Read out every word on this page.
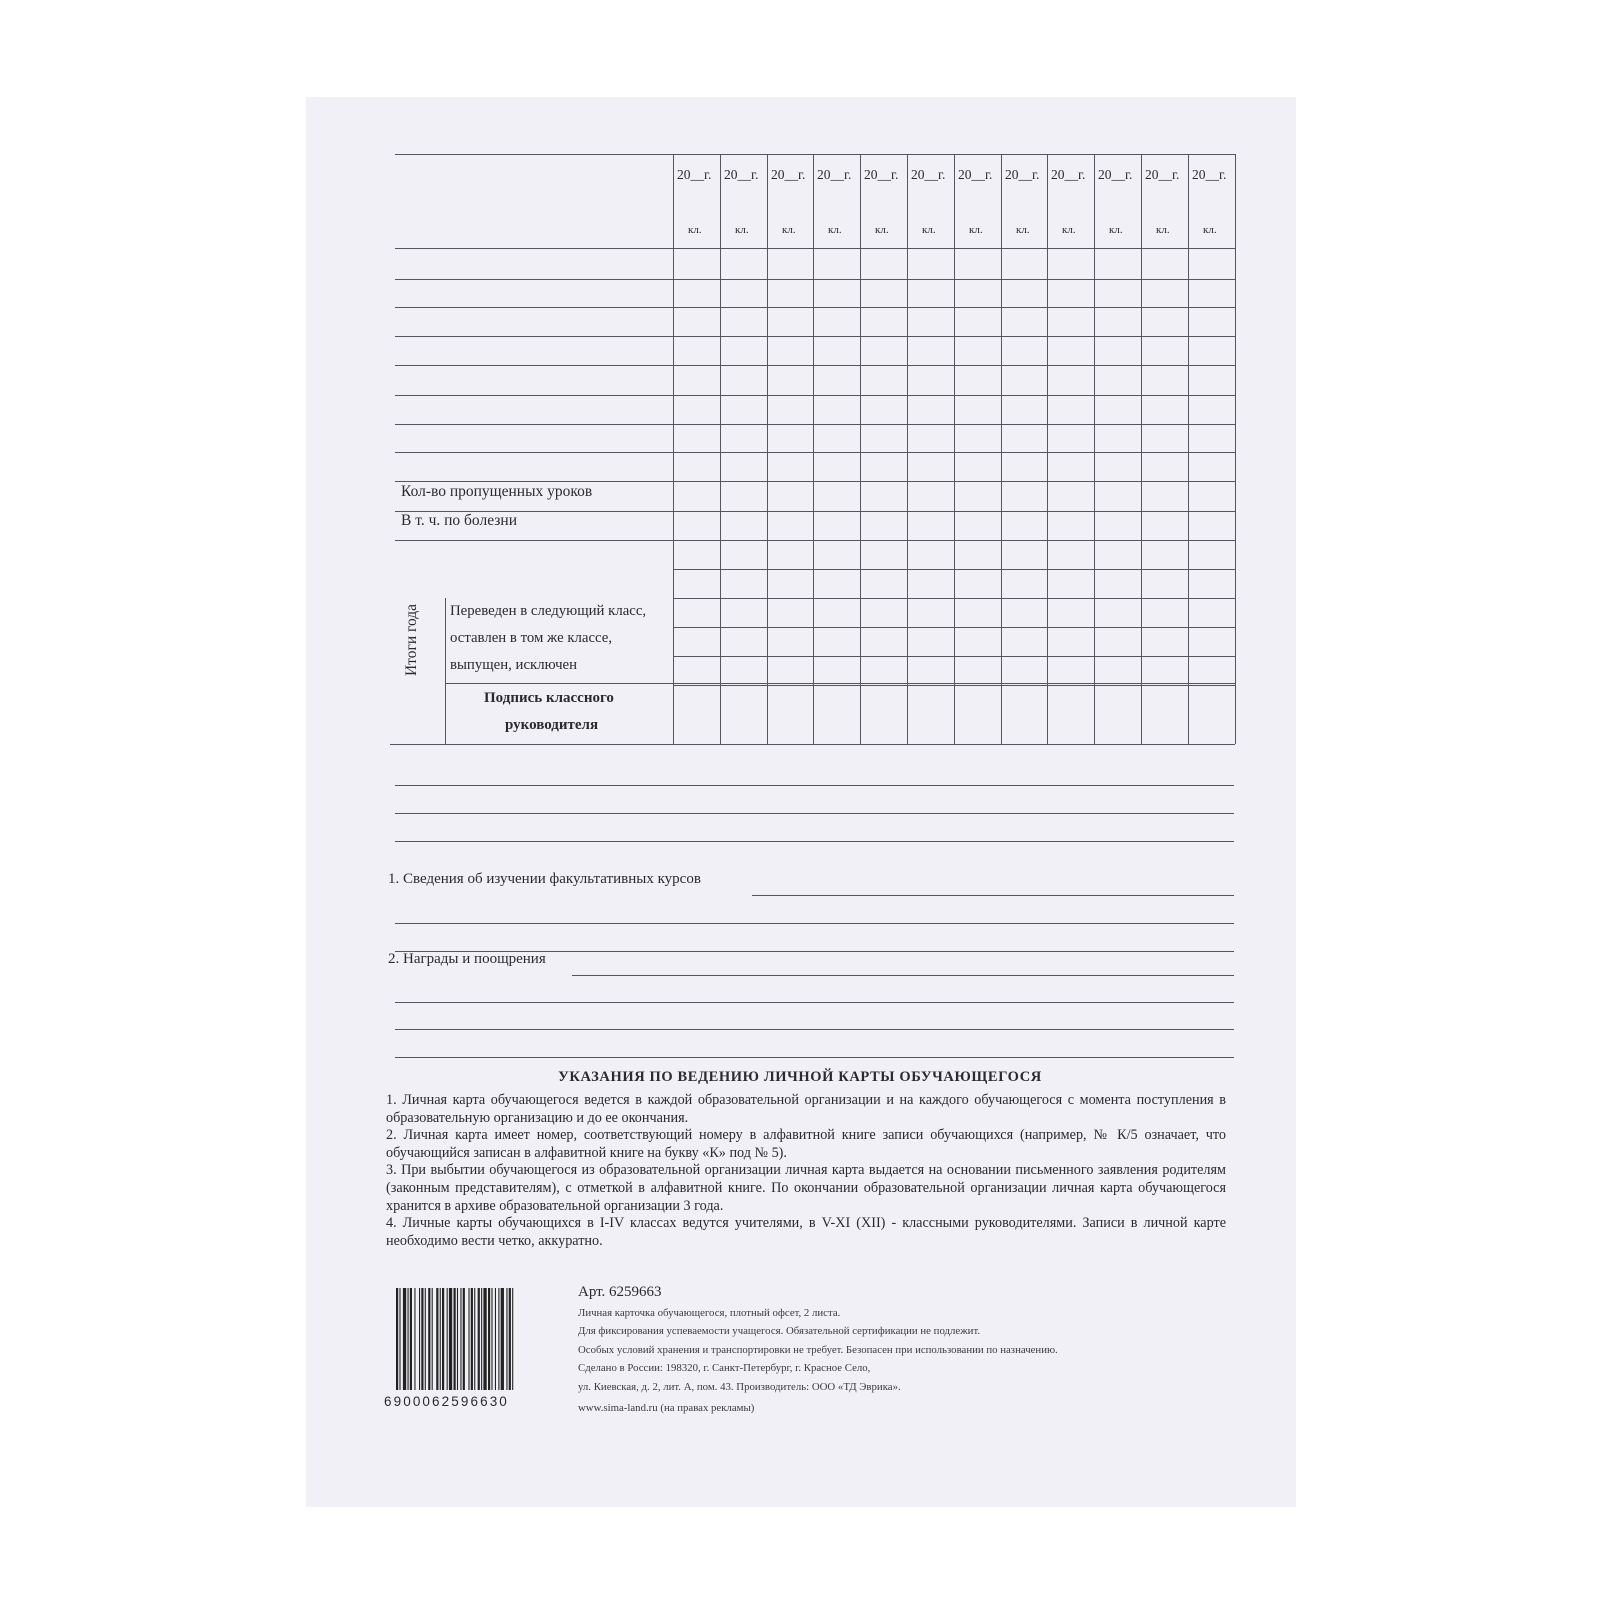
20__г.
кл.
20__г.
кл.
20__г.
кл.
20__г.
кл.
20__г.
кл.
20__г.
кл.
20__г.
кл.
20__г.
кл.
20__г.
кл.
20__г.
кл.
20__г.
кл.
20__г.
кл.
Кол-во пропущенных уроков
В т. ч. по болезни
Итоги года Переведен в следующий класс,
оставлен в том же классе,
выпущен, исключен
Подпись классного
руководителя
1. Сведения об изучении факультативных курсов
2. Награды и поощрения
УКАЗАНИЯ ПО ВЕДЕНИЮ ЛИЧНОЙ КАРТЫ ОБУЧАЮЩЕГОСЯ

1. Личная карта обучающегося ведется в каждой образовательной организации и на каждого обучающегося с момента поступления в образовательную организацию и до ее окончания.

2. Личная карта имеет номер, соответствующий номеру в алфавитной книге записи обучающихся (например, № К/5 означает, что обучающийся записан в алфавитной книге на букву «К» под № 5).

3. При выбытии обучающегося из образовательной организации личная карта выдается на основании письменного заявления родителям (законным представителям), с отметкой в алфавитной книге. По окончании образовательной организации личная карта обучающегося хранится в архиве образовательной организации 3 года.

4. Личные карты обучающихся в I-IV классах ведутся учителями, в V-XI (XII) - классными руководителями. Записи в личной карте необходимо вести четко, аккуратно.

6900062596630
Арт. 6259663
Личная карточка обучающегося, плотный офсет, 2 листа.
Для фиксирования успеваемости учащегося. Обязательной сертификации не подлежит.
Особых условий хранения и транспортировки не требует. Безопасен при использовании по назначению.
Сделано в России: 198320, г. Санкт-Петербург, г. Красное Село,
ул. Киевская, д. 2, лит. А, пом. 43. Производитель: ООО «ТД Эврика».
www.sima-land.ru (на правах рекламы)
